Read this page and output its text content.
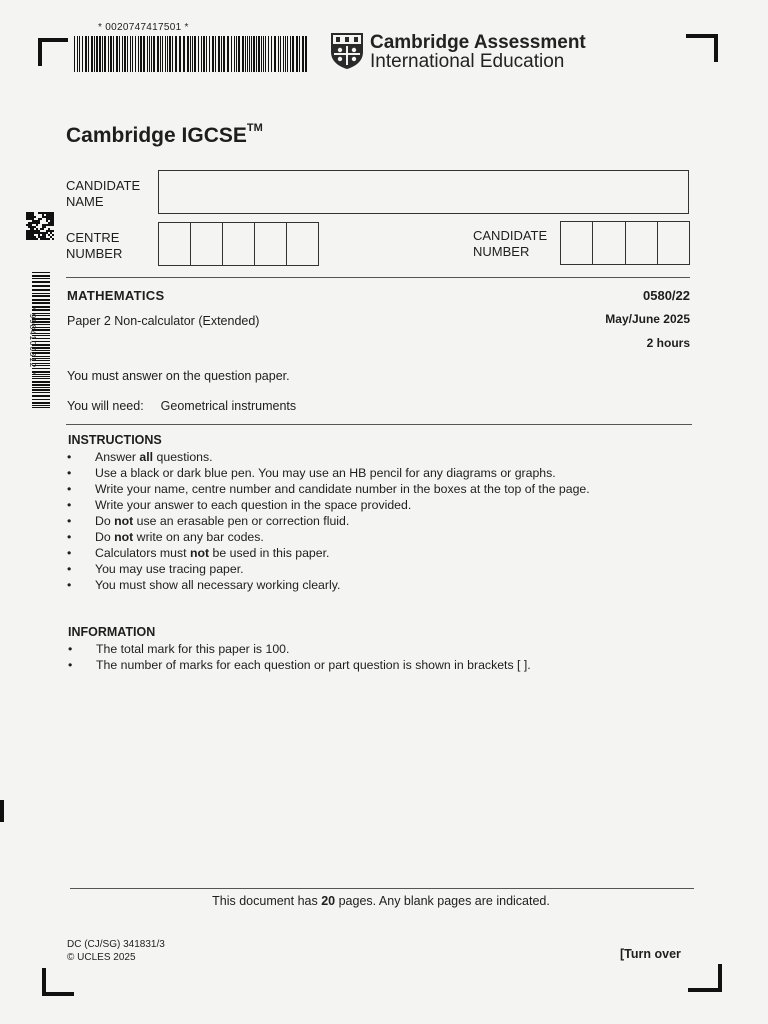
* 0020747417501 *
Cambridge Assessment
International Education
Cambridge IGCSE™
* 9984100312 *
CANDIDATE
NAME
CENTRE
NUMBER
CANDIDATE
NUMBER
MATHEMATICS
Paper 2 Non-calculator (Extended)
0580/22
May/June 2025
2 hours
You must answer on the question paper.
You will need: Geometrical instruments
INSTRUCTIONS
• Answer all questions.
• Use a black or dark blue pen. You may use an HB pencil for any diagrams or graphs.
• Write your name, centre number and candidate number in the boxes at the top of the page.
• Write your answer to each question in the space provided.
• Do not use an erasable pen or correction fluid.
• Do not write on any bar codes.
• Calculators must not be used in this paper.
• You may use tracing paper.
• You must show all necessary working clearly.
INFORMATION
• The total mark for this paper is 100.
• The number of marks for each question or part question is shown in brackets [ ].
This document has 20 pages. Any blank pages are indicated.
DC (CJ/SG) 341831/3
© UCLES 2025	[Turn over
